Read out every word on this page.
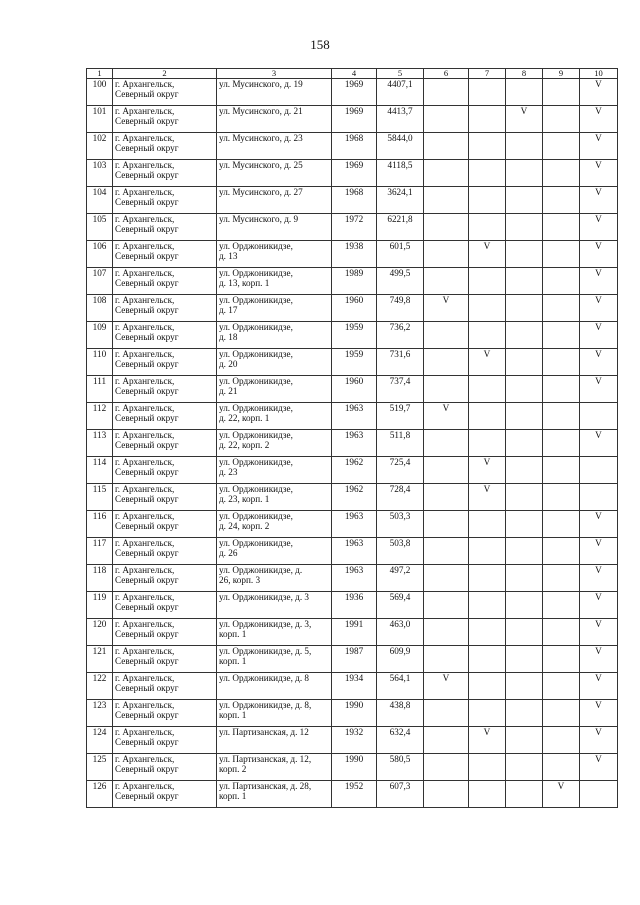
158
1	2	3	4	5	6	7	8	9	10
100	г. Архангельск,
Северный округ	ул. Мусинского, д. 19	1969	4407,1					V
101	г. Архангельск,
Северный округ	ул. Мусинского, д. 21	1969	4413,7			V		V
102	г. Архангельск,
Северный округ	ул. Мусинского, д. 23	1968	5844,0					V
103	г. Архангельск,
Северный округ	ул. Мусинского, д. 25	1969	4118,5					V
104	г. Архангельск,
Северный округ	ул. Мусинского, д. 27	1968	3624,1					V
105	г. Архангельск,
Северный округ	ул. Мусинского, д. 9	1972	6221,8					V
106	г. Архангельск,
Северный округ	ул. Орджоникидзе,
д. 13	1938	601,5		V			V
107	г. Архангельск,
Северный округ	ул. Орджоникидзе,
д. 13, корп. 1	1989	499,5					V
108	г. Архангельск,
Северный округ	ул. Орджоникидзе,
д. 17	1960	749,8	V				V
109	г. Архангельск,
Северный округ	ул. Орджоникидзе,
д. 18	1959	736,2					V
110	г. Архангельск,
Северный округ	ул. Орджоникидзе,
д. 20	1959	731,6		V			V
111	г. Архангельск,
Северный округ	ул. Орджоникидзе,
д. 21	1960	737,4					V
112	г. Архангельск,
Северный округ	ул. Орджоникидзе,
д. 22, корп. 1	1963	519,7	V				
113	г. Архангельск,
Северный округ	ул. Орджоникидзе,
д. 22, корп. 2	1963	511,8					V
114	г. Архангельск,
Северный округ	ул. Орджоникидзе,
д. 23	1962	725,4		V			
115	г. Архангельск,
Северный округ	ул. Орджоникидзе,
д. 23, корп. 1	1962	728,4		V			
116	г. Архангельск,
Северный округ	ул. Орджоникидзе,
д. 24, корп. 2	1963	503,3					V
117	г. Архангельск,
Северный округ	ул. Орджоникидзе,
д. 26	1963	503,8					V
118	г. Архангельск,
Северный округ	ул. Орджоникидзе, д.
26, корп. 3	1963	497,2					V
119	г. Архангельск,
Северный округ	ул. Орджоникидзе, д. 3	1936	569,4					V
120	г. Архангельск,
Северный округ	ул. Орджоникидзе, д. 3,
корп. 1	1991	463,0					V
121	г. Архангельск,
Северный округ	ул. Орджоникидзе, д. 5,
корп. 1	1987	609,9					V
122	г. Архангельск,
Северный округ	ул. Орджоникидзе, д. 8	1934	564,1	V				V
123	г. Архангельск,
Северный округ	ул. Орджоникидзе, д. 8,
корп. 1	1990	438,8					V
124	г. Архангельск,
Северный округ	ул. Партизанская, д. 12	1932	632,4		V			V
125	г. Архангельск,
Северный округ	ул. Партизанская, д. 12,
корп. 2	1990	580,5					V
126	г. Архангельск,
Северный округ	ул. Партизанская, д. 28,
корп. 1	1952	607,3				V	
